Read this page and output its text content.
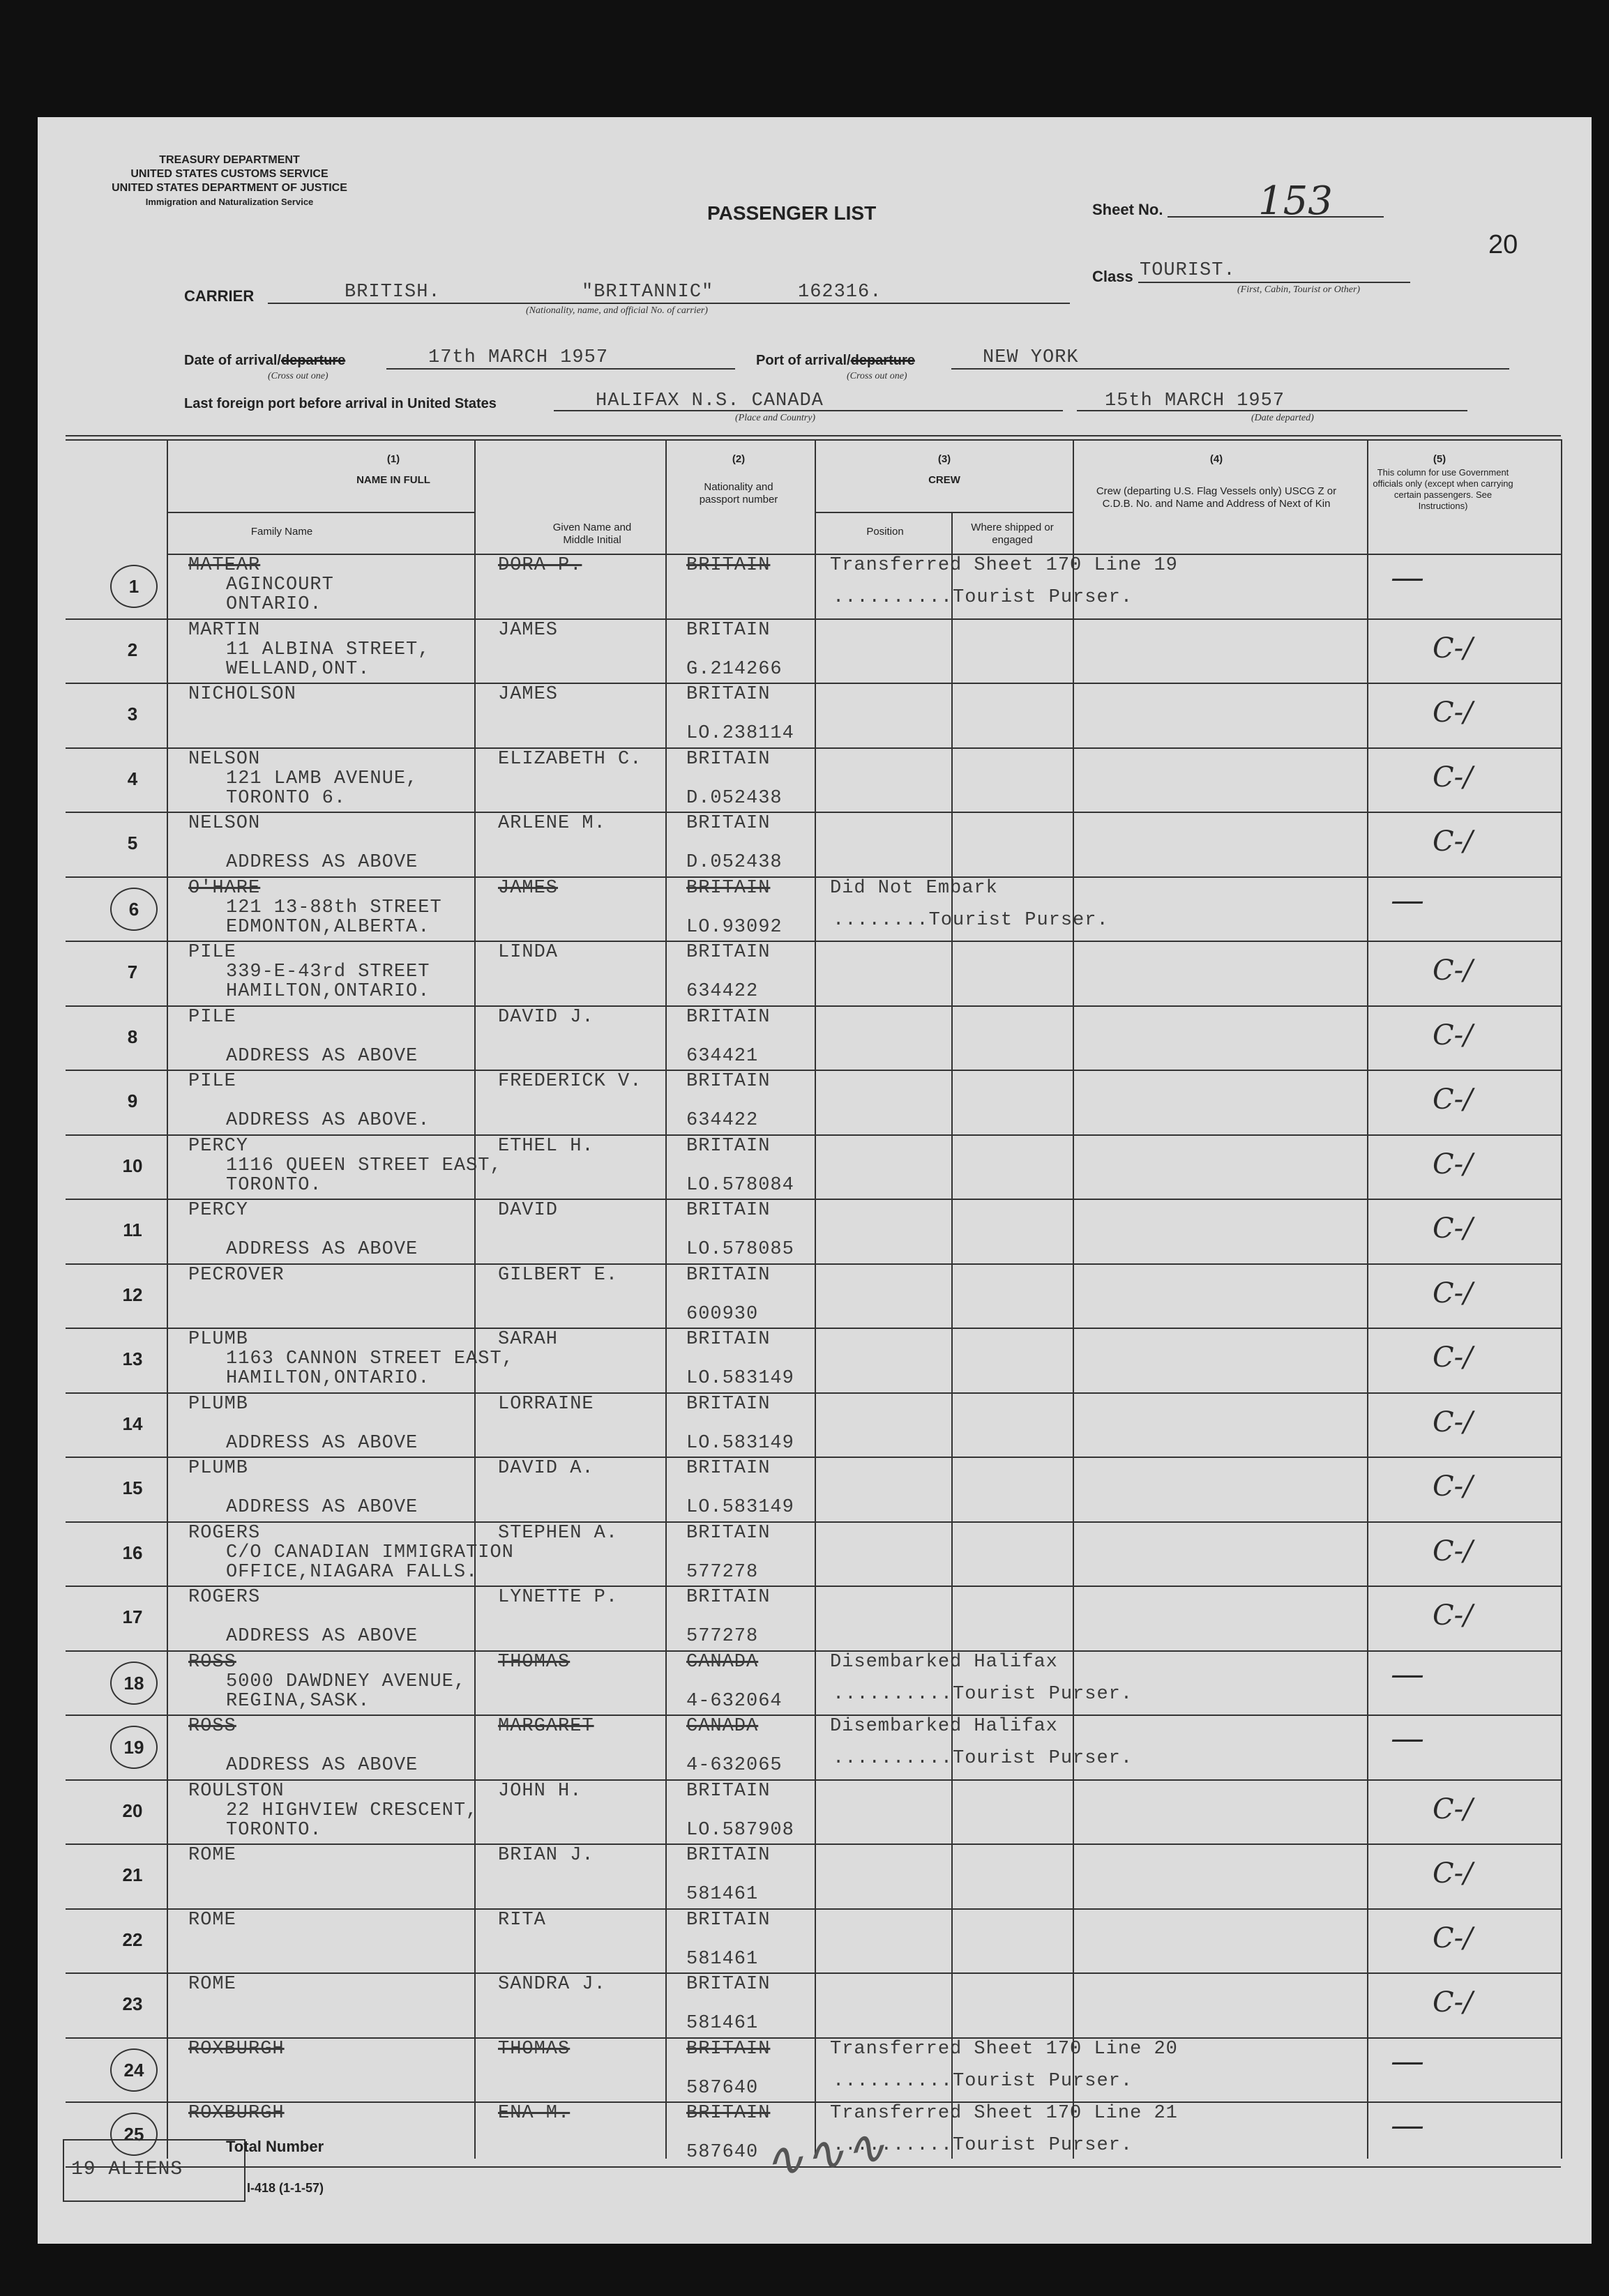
TREASURY DEPARTMENT
UNITED STATES CUSTOMS SERVICE
UNITED STATES DEPARTMENT OF JUSTICE
Immigration and Naturalization Service
PASSENGER LIST	Sheet No. 153
20
Class TOURIST.
(First, Cabin, Tourist or Other)
CARRIER	BRITISH.	"BRITANNIC"	162316.
(Nationality, name, and official No. of carrier)
Date of arrival/departure	17th MARCH 1957
(Cross out one)
Port of arrival/departure	NEW YORK
(Cross out one)
Last foreign port before arrival in United States	HALIFAX N.S. CANADA
(Place and Country)
15th MARCH 1957
(Date departed)
(1)
NAME IN FULL
Family Name	Given Name and Middle Initial
(2)
Nationality and passport number
(3)
CREW
Position	Where shipped or engaged
(4)
Crew (departing U.S. Flag Vessels only) USCG Z or C.D.B. No. and Name and Address of Next of Kin
(5)
This column for use Government officials only (except when carrying certain passengers. See Instructions)
1
MATEAR	DORA P.
AGINCOURT
ONTARIO.
BRITAIN	Transferred Sheet 170 Line 19
..........Tourist Purser.
—
2
MARTIN	JAMES
11 ALBINA STREET,
WELLAND,ONT.
BRITAIN
G.214266
C-/
3
NICHOLSON	JAMES	BRITAIN
LO.238114
C-/
4
NELSON	ELIZABETH C.
121 LAMB AVENUE,
TORONTO 6.
BRITAIN
D.052438
C-/
5
NELSON	ARLENE M.
ADDRESS AS ABOVE
BRITAIN
D.052438
C-/
6
O'HARE	JAMES
121 13-88th STREET
EDMONTON,ALBERTA.
BRITAIN
LO.93092
Did Not Embark
........Tourist Purser.
—
7
PILE	LINDA
339-E-43rd STREET
HAMILTON,ONTARIO.
BRITAIN
634422
C-/
8
PILE	DAVID J.
ADDRESS AS ABOVE
BRITAIN
634421
C-/
9
PILE	FREDERICK V.
ADDRESS AS ABOVE.
BRITAIN
634422
C-/
10
PERCY	ETHEL H.
1116 QUEEN STREET EAST,
TORONTO.
BRITAIN
LO.578084
C-/
11
PERCY	DAVID
ADDRESS AS ABOVE
BRITAIN
LO.578085
C-/
12
PECROVER	GILBERT E.	BRITAIN
600930
C-/
13
PLUMB	SARAH
1163 CANNON STREET EAST,
HAMILTON,ONTARIO.
BRITAIN
LO.583149
C-/
14
PLUMB	LORRAINE
ADDRESS AS ABOVE
BRITAIN
LO.583149
C-/
15
PLUMB	DAVID A.
ADDRESS AS ABOVE
BRITAIN
LO.583149
C-/
16
ROGERS	STEPHEN A.
C/O CANADIAN IMMIGRATION
OFFICE,NIAGARA FALLS.
BRITAIN
577278
C-/
17
ROGERS	LYNETTE P.
ADDRESS AS ABOVE
BRITAIN
577278
C-/
18
ROSS	THOMAS
5000 DAWDNEY AVENUE,
REGINA,SASK.
CANADA
4-632064
Disembarked Halifax
..........Tourist Purser.
—
19
ROSS	MARGARET
ADDRESS AS ABOVE
CANADA
4-632065
Disembarked Halifax
..........Tourist Purser.
—
20
ROULSTON	JOHN H.
22 HIGHVIEW CRESCENT,
TORONTO.
BRITAIN
LO.587908
C-/
21
ROME	BRIAN J.	BRITAIN
581461
C-/
22
ROME	RITA	BRITAIN
581461
C-/
23
ROME	SANDRA J.	BRITAIN
581461
C-/
24
ROXBURGH	THOMAS	BRITAIN
587640
Transferred Sheet 170 Line 20
..........Tourist Purser.
—
25
ROXBURGH	ENA M.	BRITAIN
587640
Transferred Sheet 170 Line 21
..........Tourist Purser.
—
19 ALIENS
Total Number
I-418 (1-1-57)	∿∿∿
